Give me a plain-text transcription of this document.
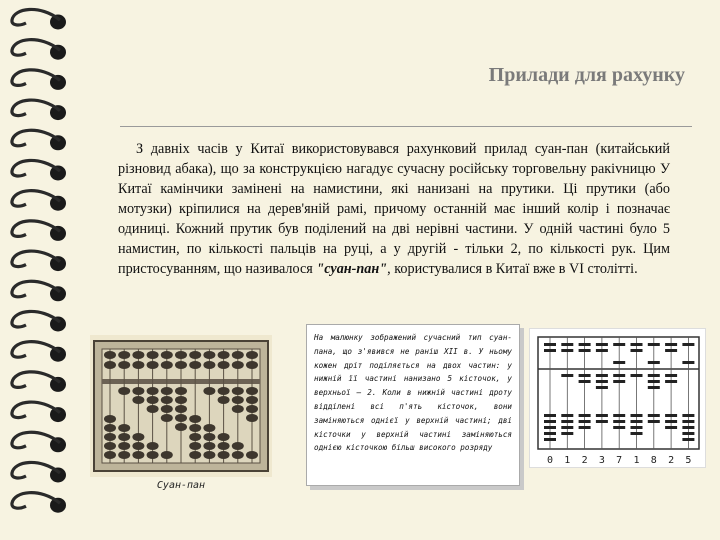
Прилади для рахунку
З давніх часів у Китаї використовувався рахунковий прилад суан-пан (китайський різновид абака), що за конструкцією нагадує сучасну російську торговельну ракіvницю У Китаї камінчики замінені на намистини, які нанизані на прутики. Ці прутики (або мотузки) кріпилися на дерев'яній рамі, причому останній має інший колір і позначає одиниці. Кожний прутик був поділений на дві нерівні частини. У одній частині було 5 намистин, по кількості пальців на руці, а у другій - тільки 2, по кількості рук. Цим пристосуванням, що називалося "суан-пан", користувалися в Китаї вже в VI столітті.
Суан-пан
На малюнку зображений сучасний тип суан-пана, що з'явився не раніш XII в. У ньому кожен дріт поділяється на двох частин: у нижній її частині нанизано 5 кісточок, у верхньої – 2. Коли в нижній частині дроту відділені всі п'ять кісточок, вони заміняються однієї у верхній частині; дві кісточки у верхній частині заміняються однією кісточкою більш високого розряду
0 1 2 3 7 1 8 2 5
